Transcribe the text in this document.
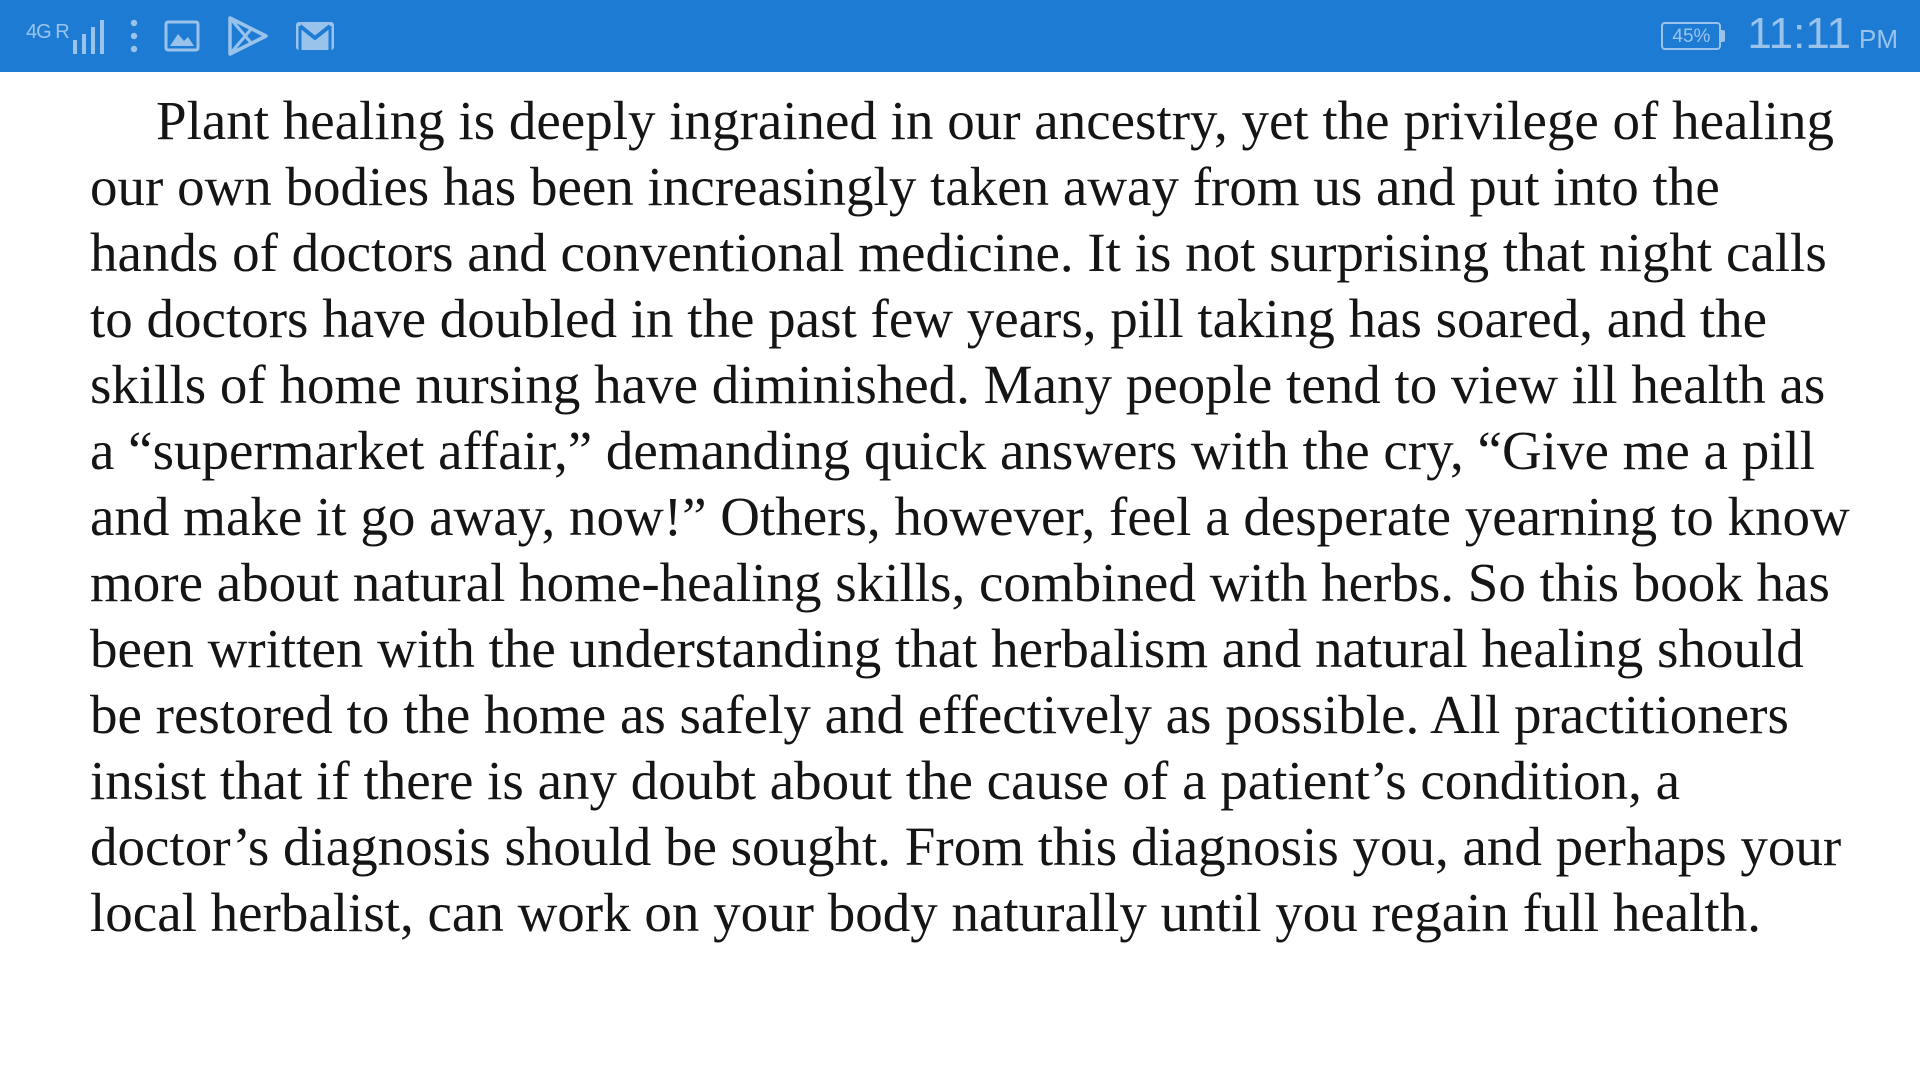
4G R	45% 11:11 PM

Plant healing is deeply ingrained in our ancestry, yet the privilege of healing our own bodies has been increasingly taken away from us and put into the hands of doctors and conventional medicine. It is not surprising that night calls to doctors have doubled in the past few years, pill taking has soared, and the skills of home nursing have diminished. Many people tend to view ill health as a “supermarket affair,” demanding quick answers with the cry, “Give me a pill and make it go away, now!” Others, however, feel a desperate yearning to know more about natural home-healing skills, combined with herbs. So this book has been written with the understanding that herbalism and natural healing should be restored to the home as safely and effectively as possible. All practitioners insist that if there is any doubt about the cause of a patient’s condition, a doctor’s diagnosis should be sought. From this diagnosis you, and perhaps your local herbalist, can work on your body naturally until you regain full health.
